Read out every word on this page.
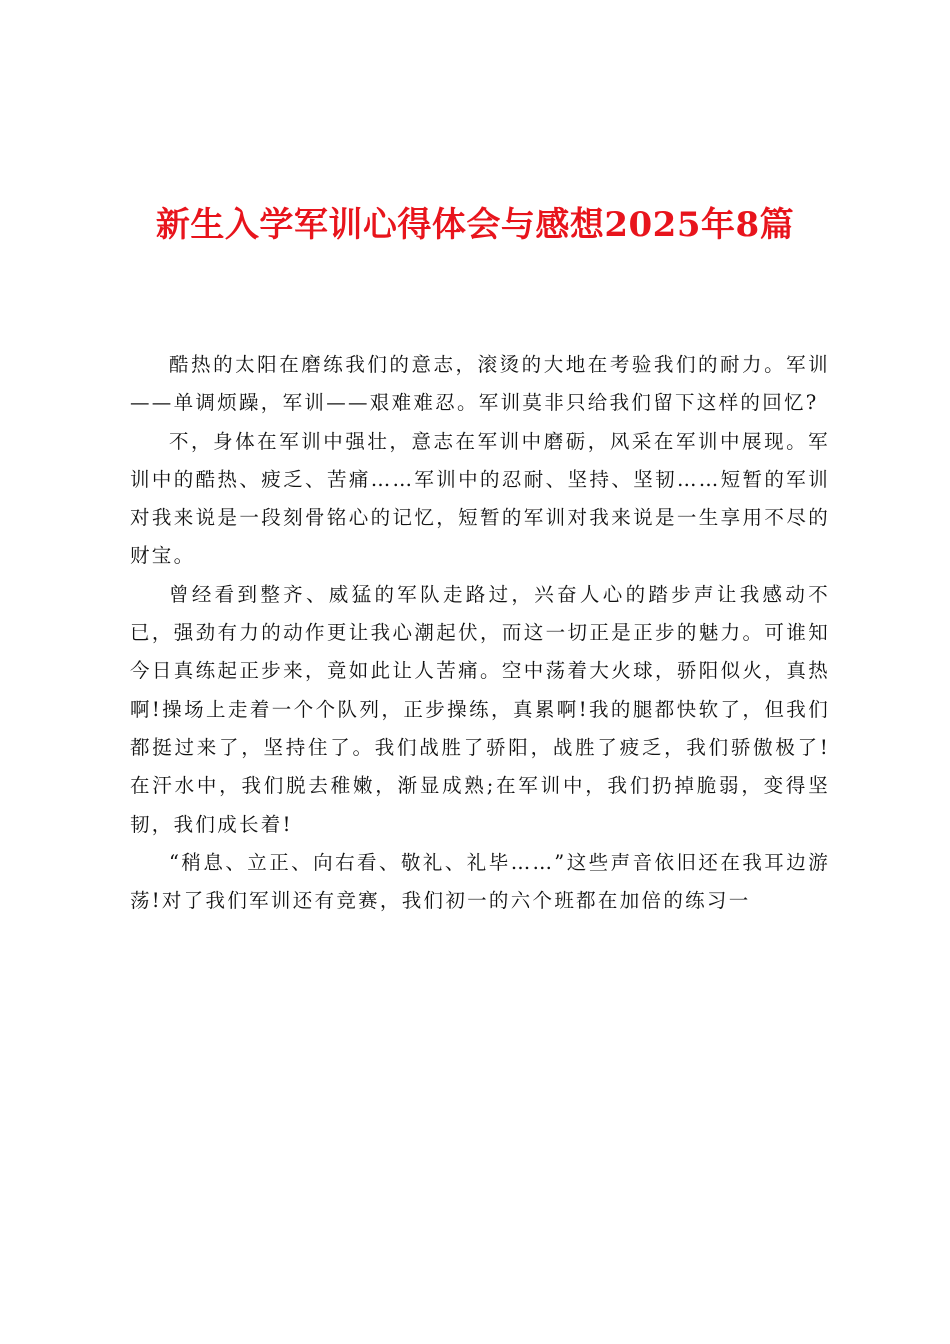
新生入学军训心得体会与感想2025年8篇

酷热的太阳在磨练我们的意志，滚烫的大地在考验我们的耐力。军训——单调烦躁，军训——艰难难忍。军训莫非只给我们留下这样的回忆?

不，身体在军训中强壮，意志在军训中磨砺，风采在军训中展现。军训中的酷热、疲乏、苦痛……军训中的忍耐、坚持、坚韧……短暂的军训对我来说是一段刻骨铭心的记忆，短暂的军训对我来说是一生享用不尽的财宝。

曾经看到整齐、威猛的军队走路过，兴奋人心的踏步声让我感动不已，强劲有力的动作更让我心潮起伏，而这一切正是正步的魅力。可谁知今日真练起正步来，竟如此让人苦痛。空中荡着大火球，骄阳似火，真热啊!操场上走着一个个队列，正步操练，真累啊!我的腿都快软了，但我们都挺过来了，坚持住了。我们战胜了骄阳，战胜了疲乏，我们骄傲极了!在汗水中，我们脱去稚嫩，渐显成熟;在军训中，我们扔掉脆弱，变得坚韧，我们成长着!

“稍息、立正、向右看、敬礼、礼毕……”这些声音依旧还在我耳边游荡!对了我们军训还有竞赛，我们初一的六个班都在加倍的练习一
